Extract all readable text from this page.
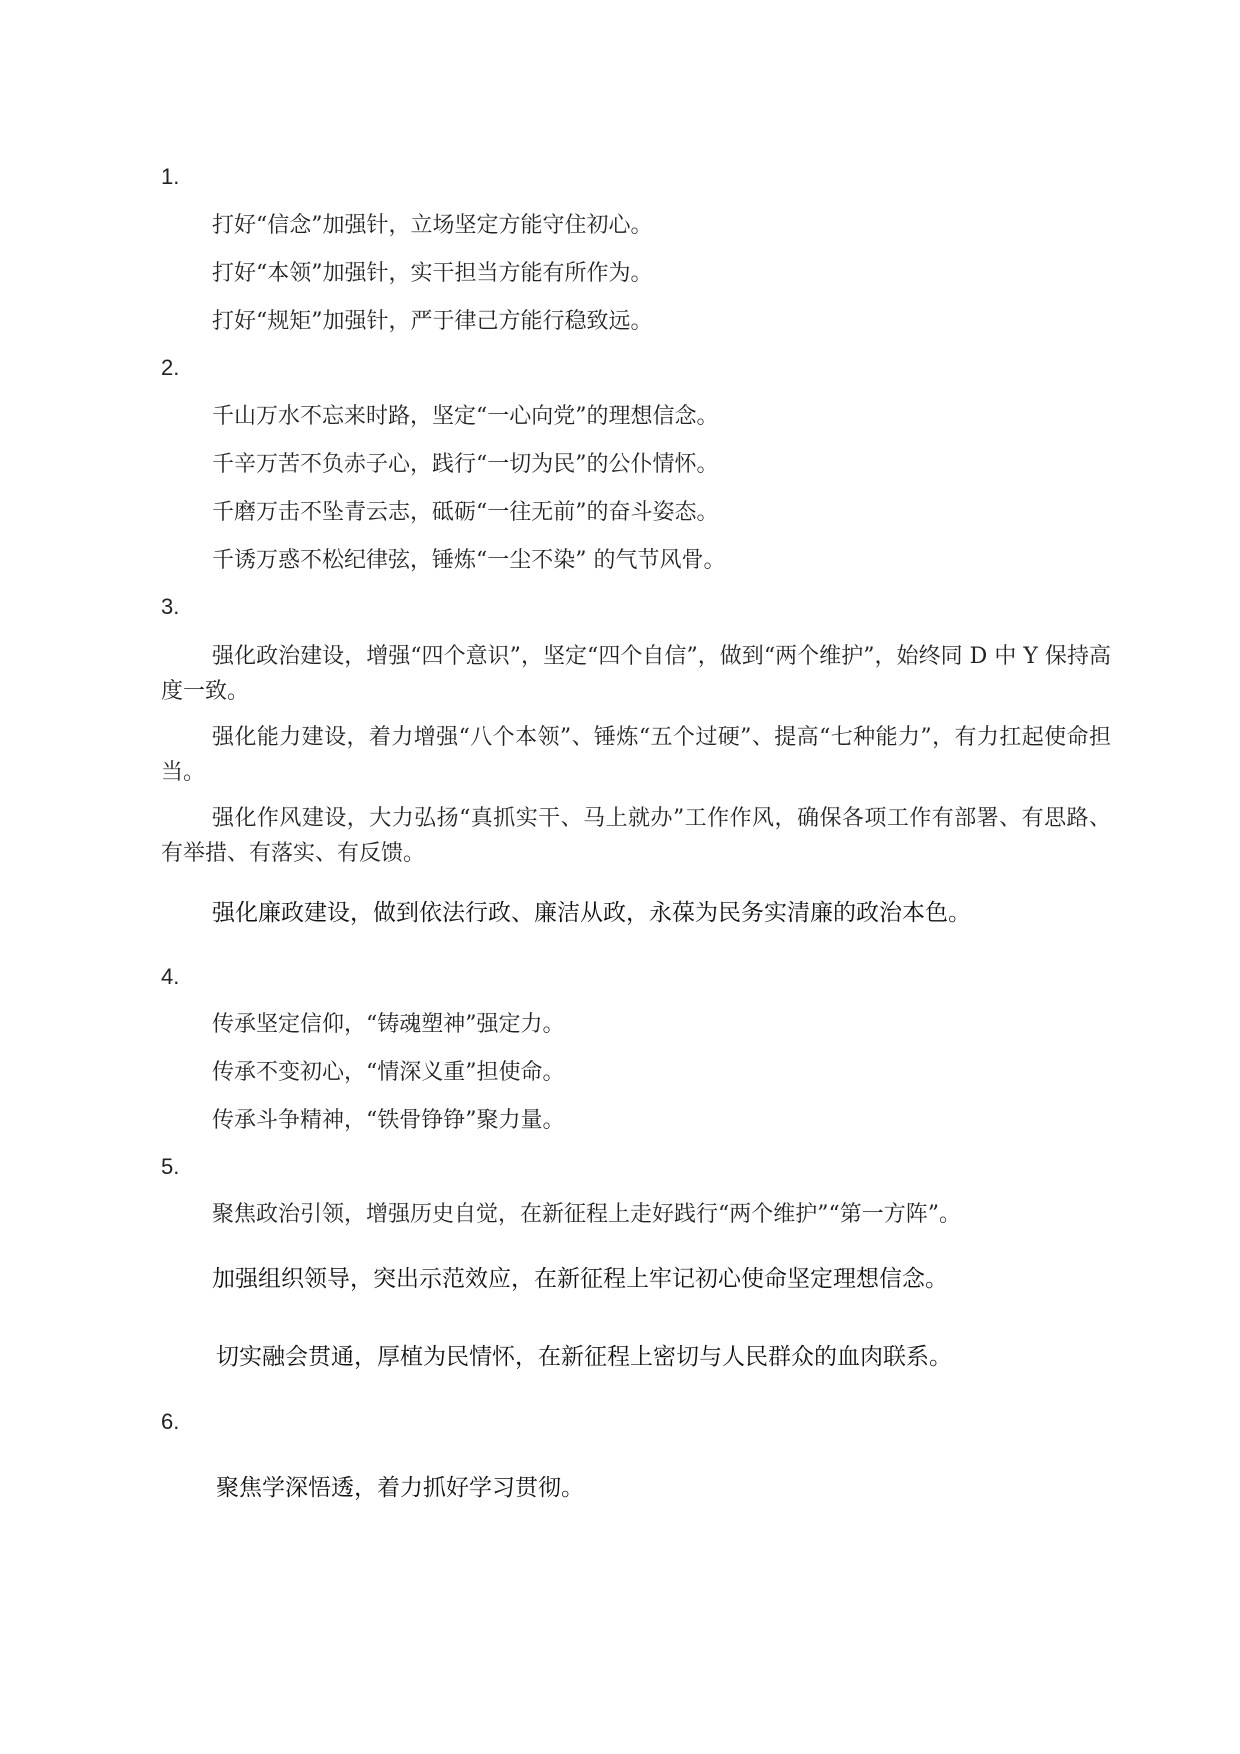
1.
打好“信念”加强针，立场坚定方能守住初心。
打好“本领”加强针，实干担当方能有所作为。
打好“规矩”加强针，严于律己方能行稳致远。
2.
千山万水不忘来时路，坚定“一心向党”的理想信念。
千辛万苦不负赤子心，践行“一切为民”的公仆情怀。
千磨万击不坠青云志，砥砺“一往无前”的奋斗姿态。
千诱万惑不松纪律弦，锤炼“一尘不染” 的气节风骨。
3.
强化政治建设，增强“四个意识”，坚定“四个自信”，做到“两个维护”，始终同 D 中 Y 保持高度一致。
强化能力建设，着力增强“八个本领”、锤炼“五个过硬”、提高“七种能力”，有力扛起使命担当。
强化作风建设，大力弘扬“真抓实干、马上就办”工作作风，确保各项工作有部署、有思路、有举措、有落实、有反馈。
强化廉政建设，做到依法行政、廉洁从政，永葆为民务实清廉的政治本色。
4.
传承坚定信仰，“铸魂塑神”强定力。
传承不变初心，“情深义重”担使命。
传承斗争精神，“铁骨铮铮”聚力量。
5.
聚焦政治引领，增强历史自觉，在新征程上走好践行“两个维护”“第一方阵”。
加强组织领导，突出示范效应，在新征程上牢记初心使命坚定理想信念。
切实融会贯通，厚植为民情怀，在新征程上密切与人民群众的血肉联系。
6.
聚焦学深悟透，着力抓好学习贯彻。
